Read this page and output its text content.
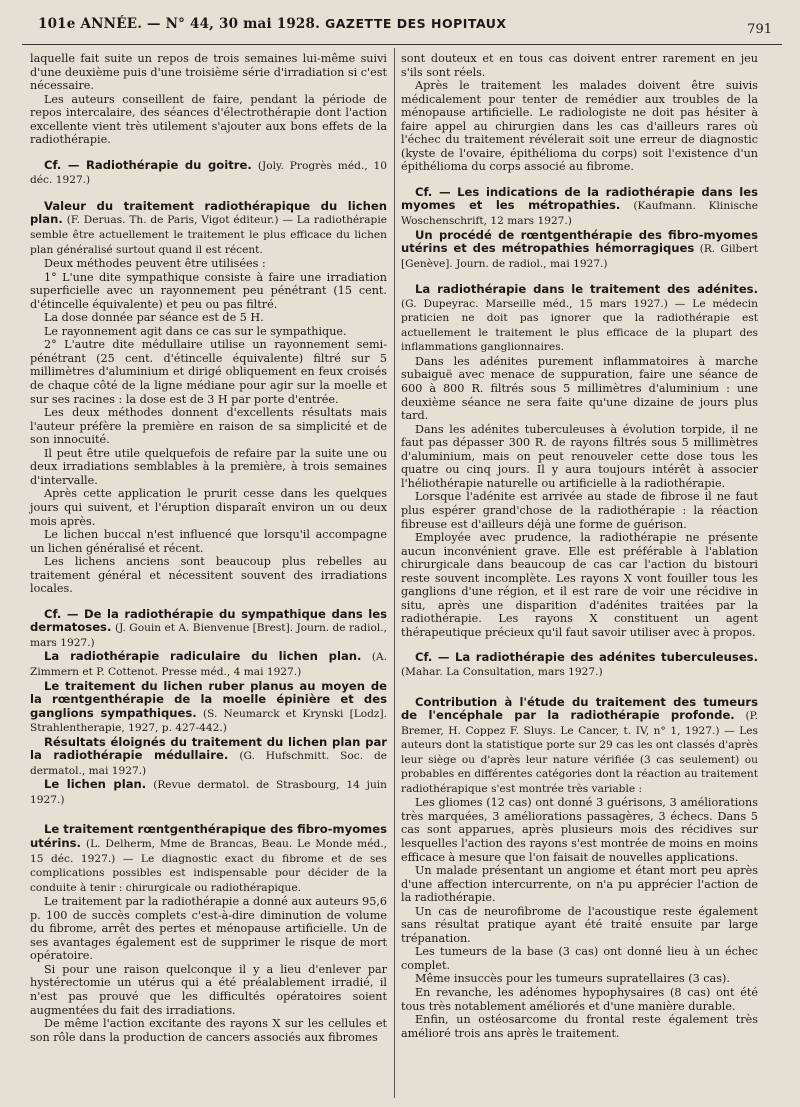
101e ANNÉE. — N° 44, 30 mai 1928. GAZETTE DES HOPITAUX	791

laquelle fait suite un repos de trois semaines lui-même suivi d'une deuxième puis d'une troisième série d'irradiation si c'est nécessaire.

Les auteurs conseillent de faire, pendant la période de repos intercalaire, des séances d'électrothérapie dont l'action excellente vient très utilement s'ajouter aux bons effets de la radiothérapie.

Cf. — Radiothérapie du goitre. (Joly. Progrès méd., 10 déc. 1927.)

Valeur du traitement radiothérapique du lichen plan. (F. Deruas. Th. de Paris, Vigot éditeur.) — La radiothérapie semble être actuellement le traitement le plus efficace du lichen plan généralisé surtout quand il est récent.

Deux méthodes peuvent être utilisées :

1° L'une dite sympathique consiste à faire une irradiation superficielle avec un rayonnement peu pénétrant (15 cent. d'étincelle équivalente) et peu ou pas filtré.

La dose donnée par séance est de 5 H.

Le rayonnement agit dans ce cas sur le sympathique.

2° L'autre dite médullaire utilise un rayonnement semi-pénétrant (25 cent. d'étincelle équivalente) filtré sur 5 millimètres d'aluminium et dirigé obliquement en feux croisés de chaque côté de la ligne médiane pour agir sur la moelle et sur ses racines : la dose est de 3 H par porte d'entrée.

Les deux méthodes donnent d'excellents résultats mais l'auteur préfère la première en raison de sa simplicité et de son innocuité.

Il peut être utile quelquefois de refaire par la suite une ou deux irradiations semblables à la première, à trois semaines d'intervalle.

Après cette application le prurit cesse dans les quelques jours qui suivent, et l'éruption disparaît environ un ou deux mois après.

Le lichen buccal n'est influencé que lorsqu'il accompagne un lichen généralisé et récent.

Les lichens anciens sont beaucoup plus rebelles au traitement général et nécessitent souvent des irradiations locales.

Cf. — De la radiothérapie du sympathique dans les dermatoses. (J. Gouin et A. Bienvenue [Brest]. Journ. de radiol., mars 1927.)

La radiothérapie radiculaire du lichen plan. (A. Zimmern et P. Cottenot. Presse méd., 4 mai 1927.)

Le traitement du lichen ruber planus au moyen de la rœntgenthérapie de la moelle épinière et des ganglions sympathiques. (S. Neumarck et Krynski [Lodz]. Strahlentherapie, 1927, p. 427-442.)

Résultats éloignés du traitement du lichen plan par la radiothérapie médullaire. (G. Hufschmitt. Soc. de dermatol., mai 1927.)

Le lichen plan. (Revue dermatol. de Strasbourg, 14 juin 1927.)

Le traitement rœntgenthérapique des fibro-myomes utérins. (L. Delherm, Mme de Brancas, Beau. Le Monde méd., 15 déc. 1927.) — Le diagnostic exact du fibrome et de ses complications possibles est indispensable pour décider de la conduite à tenir : chirurgicale ou radiothérapique.

Le traitement par la radiothérapie a donné aux auteurs 95,6 p. 100 de succès complets c'est-à-dire diminution de volume du fibrome, arrêt des pertes et ménopause artificielle. Un de ses avantages également est de supprimer le risque de mort opératoire.

Si pour une raison quelconque il y a lieu d'enlever par hystérectomie un utérus qui a été préalablement irradié, il n'est pas prouvé que les difficultés opératoires soient augmentées du fait des irradiations.

De même l'action excitante des rayons X sur les cellules et son rôle dans la production de cancers associés aux fibromes

sont douteux et en tous cas doivent entrer rarement en jeu s'ils sont réels.

Après le traitement les malades doivent être suivis médicalement pour tenter de remédier aux troubles de la ménopause artificielle. Le radiologiste ne doit pas hésiter à faire appel au chirurgien dans les cas d'ailleurs rares où l'échec du traitement révélerait soit une erreur de diagnostic (kyste de l'ovaire, épithélioma du corps) soit l'existence d'un épithélioma du corps associé au fibrome.

Cf. — Les indications de la radiothérapie dans les myomes et les métropathies. (Kaufmann. Klinische Woschenschrift, 12 mars 1927.)

Un procédé de rœntgenthérapie des fibro-myomes utérins et des métropathies hémorragiques (R. Gilbert [Genève]. Journ. de radiol., mai 1927.)

La radiothérapie dans le traitement des adénites. (G. Dupeyrac. Marseille méd., 15 mars 1927.) — Le médecin praticien ne doit pas ignorer que la radiothérapie est actuellement le traitement le plus efficace de la plupart des inflammations ganglionnaires.

Dans les adénites purement inflammatoires à marche subaiguë avec menace de suppuration, faire une séance de 600 à 800 R. filtrés sous 5 millimètres d'aluminium : une deuxième séance ne sera faite qu'une dizaine de jours plus tard.

Dans les adénites tuberculeuses à évolution torpide, il ne faut pas dépasser 300 R. de rayons filtrés sous 5 millimètres d'aluminium, mais on peut renouveler cette dose tous les quatre ou cinq jours. Il y aura toujours intérêt à associer l'héliothérapie naturelle ou artificielle à la radiothérapie.

Lorsque l'adénite est arrivée au stade de fibrose il ne faut plus espérer grand'chose de la radiothérapie : la réaction fibreuse est d'ailleurs déjà une forme de guérison.

Employée avec prudence, la radiothérapie ne présente aucun inconvénient grave. Elle est préférable à l'ablation chirurgicale dans beaucoup de cas car l'action du bistouri reste souvent incomplète. Les rayons X vont fouiller tous les ganglions d'une région, et il est rare de voir une récidive in situ, après une disparition d'adénites traitées par la radiothérapie. Les rayons X constituent un agent thérapeutique précieux qu'il faut savoir utiliser avec à propos.

Cf. — La radiothérapie des adénites tuberculeuses. (Mahar. La Consultation, mars 1927.)

Contribution à l'étude du traitement des tumeurs de l'encéphale par la radiothérapie profonde. (P. Bremer, H. Coppez F. Sluys. Le Cancer, t. IV, n° 1, 1927.) — Les auteurs dont la statistique porte sur 29 cas les ont classés d'après leur siège ou d'après leur nature vérifiée (3 cas seulement) ou probables en différentes catégories dont la réaction au traitement radiothérapique s'est montrée très variable :

Les gliomes (12 cas) ont donné 3 guérisons, 3 améliorations très marquées, 3 améliorations passagères, 3 échecs. Dans 5 cas sont apparues, après plusieurs mois des récidives sur lesquelles l'action des rayons s'est montrée de moins en moins efficace à mesure que l'on faisait de nouvelles applications.

Un malade présentant un angiome et étant mort peu après d'une affection intercurrente, on n'a pu apprécier l'action de la radiothérapie.

Un cas de neurofibrome de l'acoustique reste également sans résultat pratique ayant été traité ensuite par large trépanation.

Les tumeurs de la base (3 cas) ont donné lieu à un échec complet.

Même insuccès pour les tumeurs supratellaires (3 cas).

En revanche, les adénomes hypophysaires (8 cas) ont été tous très notablement améliorés et d'une manière durable.

Enfin, un ostéosarcome du frontal reste également très amélioré trois ans après le traitement.
